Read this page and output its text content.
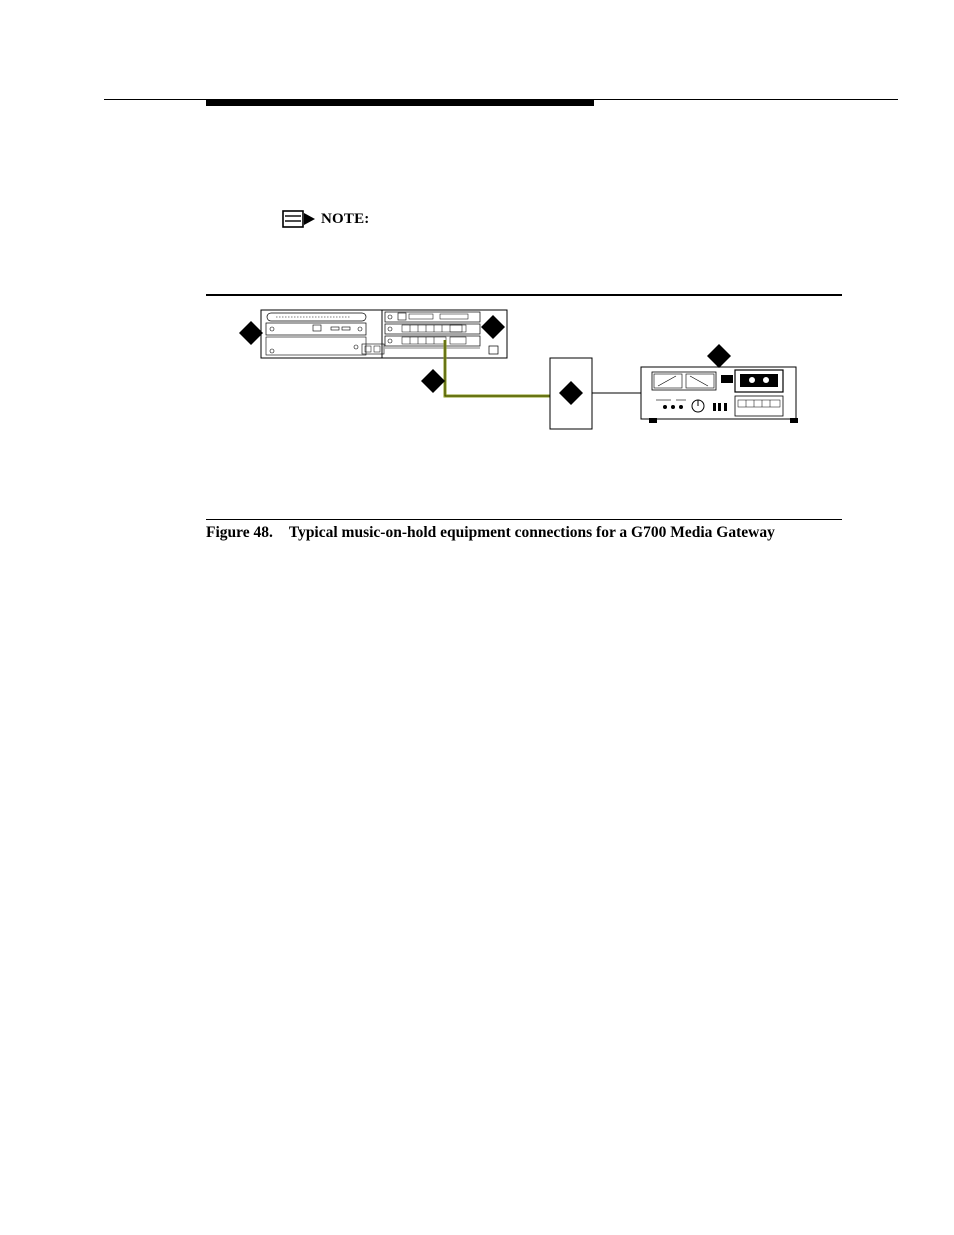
NOTE:
Figure 48. Typical music-on-hold equipment connections for a G700 Media Gateway
